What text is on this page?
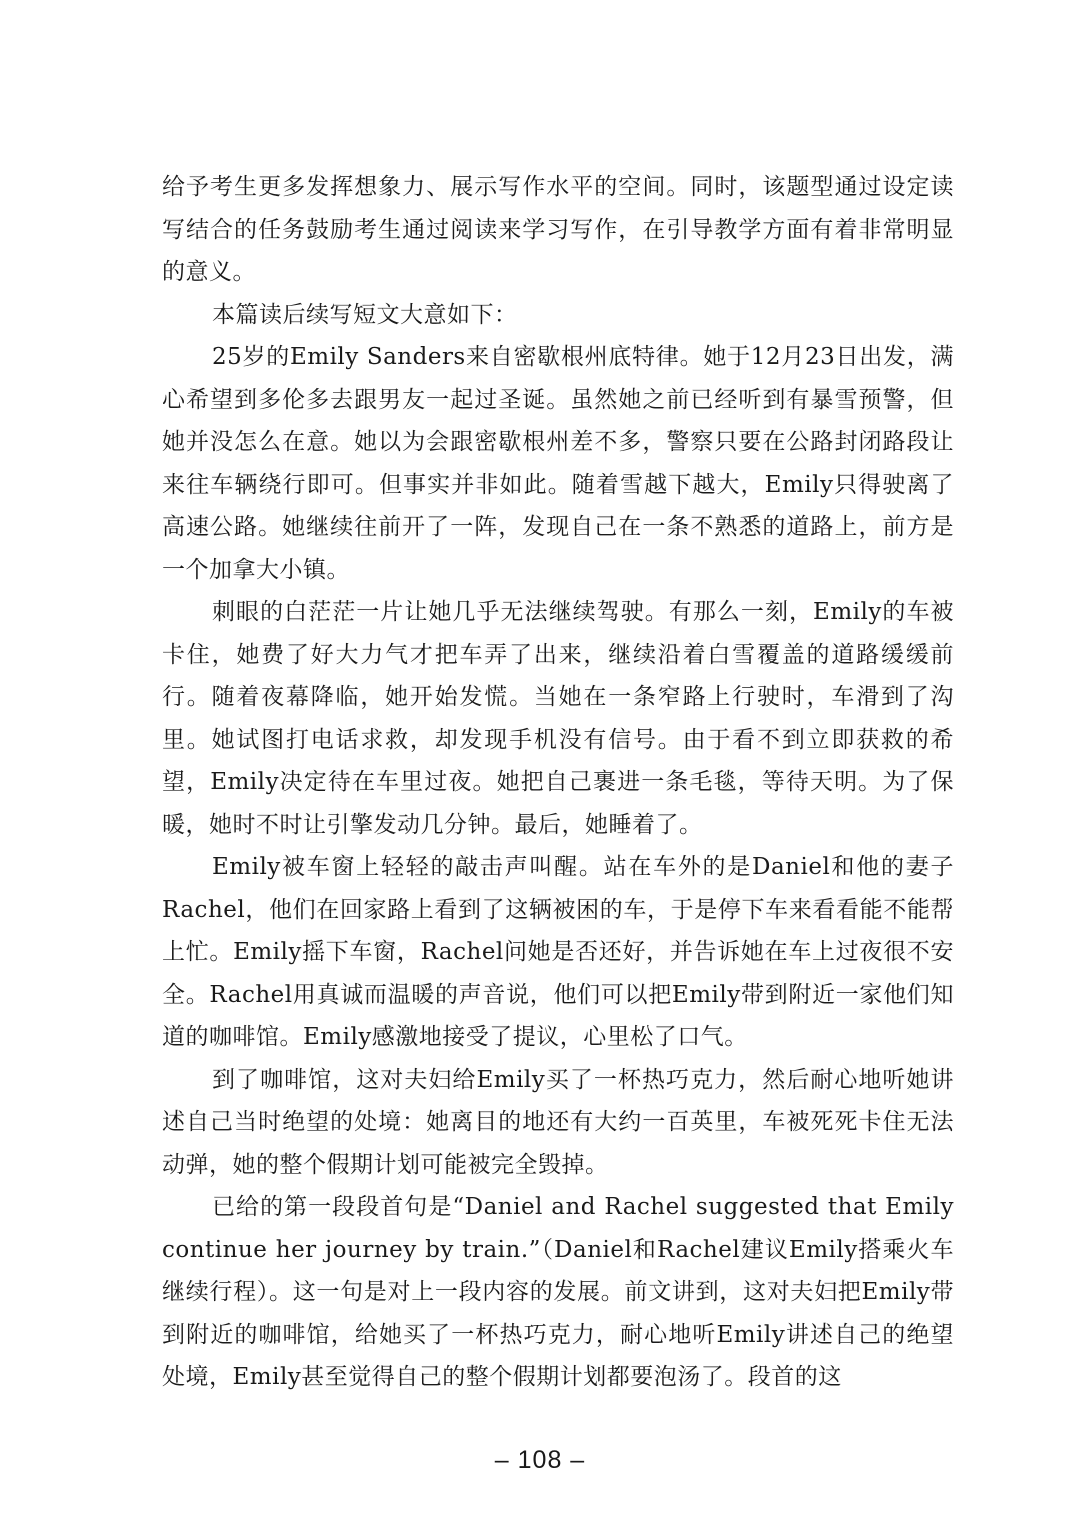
给予考生更多发挥想象力、展示写作水平的空间。同时，该题型通过设定读写结合的任务鼓励考生通过阅读来学习写作，在引导教学方面有着非常明显的意义。

本篇读后续写短文大意如下：

25岁的Emily Sanders来自密歇根州底特律。她于12月23日出发，满心希望到多伦多去跟男友一起过圣诞。虽然她之前已经听到有暴雪预警，但她并没怎么在意。她以为会跟密歇根州差不多，警察只要在公路封闭路段让来往车辆绕行即可。但事实并非如此。随着雪越下越大，Emily只得驶离了高速公路。她继续往前开了一阵，发现自己在一条不熟悉的道路上，前方是一个加拿大小镇。

刺眼的白茫茫一片让她几乎无法继续驾驶。有那么一刻，Emily的车被卡住，她费了好大力气才把车弄了出来，继续沿着白雪覆盖的道路缓缓前行。随着夜幕降临，她开始发慌。当她在一条窄路上行驶时，车滑到了沟里。她试图打电话求救，却发现手机没有信号。由于看不到立即获救的希望，Emily决定待在车里过夜。她把自己裹进一条毛毯，等待天明。为了保暖，她时不时让引擎发动几分钟。最后，她睡着了。

Emily被车窗上轻轻的敲击声叫醒。站在车外的是Daniel和他的妻子Rachel，他们在回家路上看到了这辆被困的车，于是停下车来看看能不能帮上忙。Emily摇下车窗，Rachel问她是否还好，并告诉她在车上过夜很不安全。Rachel用真诚而温暖的声音说，他们可以把Emily带到附近一家他们知道的咖啡馆。Emily感激地接受了提议，心里松了口气。

到了咖啡馆，这对夫妇给Emily买了一杯热巧克力，然后耐心地听她讲述自己当时绝望的处境：她离目的地还有大约一百英里，车被死死卡住无法动弹，她的整个假期计划可能被完全毁掉。

已给的第一段段首句是“Daniel and Rachel suggested that Emily continue her journey by train.”（Daniel和Rachel建议Emily搭乘火车继续行程）。这一句是对上一段内容的发展。前文讲到，这对夫妇把Emily带到附近的咖啡馆，给她买了一杯热巧克力，耐心地听Emily讲述自己的绝望处境，Emily甚至觉得自己的整个假期计划都要泡汤了。段首的这

– 108 –
